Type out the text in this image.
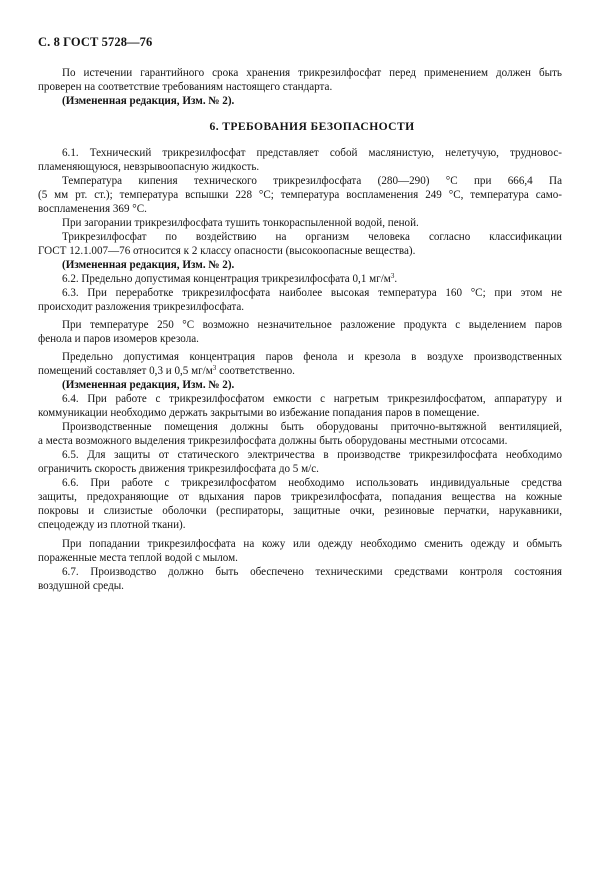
С. 8 ГОСТ 5728—76
По истечении гарантийного срока хранения трикрезилфосфат перед применением должен быть
проверен на соответствие требованиям настоящего стандарта.
(Измененная редакция, Изм. № 2).
6. ТРЕБОВАНИЯ БЕЗОПАСНОСТИ
6.1. Технический трикрезилфосфат представляет собой маслянистую, нелетучую, трудновос-
пламеняющуюся, невзрывоопасную жидкость.
Температура кипения технического трикрезилфосфата (280—290) °С при 666,4 Па
(5 мм рт. ст.); температура вспышки 228 °С; температура воспламенения 249 °С, температура само-
воспламенения 369 °С.
При загорании трикрезилфосфата тушить тонкораспыленной водой, пеной.
Трикрезилфосфат по воздействию на организм человека согласно классификации
ГОСТ 12.1.007—76 относится к 2 классу опасности (высокоопасные вещества).
(Измененная редакция, Изм. № 2).
6.2. Предельно допустимая концентрация трикрезилфосфата 0,1 $мг/м^3$.
6.3. При переработке трикрезилфосфата наиболее высокая температура 160 °С; при этом не
происходит разложения трикрезилфосфата.
При температуре 250 °С возможно незначительное разложение продукта с выделением паров
фенола и паров изомеров крезола.
Предельно допустимая концентрация паров фенола и крезола в воздухе производственных
помещений составляет 0,3 и 0,5 $мг/м^3$ соответственно.
(Измененная редакция, Изм. № 2).
6.4. При работе с трикрезилфосфатом емкости с нагретым трикрезилфосфатом, аппаратуру и
коммуникации необходимо держать закрытыми во избежание попадания паров в помещение.
Производственные помещения должны быть оборудованы приточно-вытяжной вентиляцией,
а места возможного выделения трикрезилфосфата должны быть оборудованы местными отсосами.
6.5. Для защиты от статического электричества в производстве трикрезилфосфата необходимо
ограничить скорость движения трикрезилфосфата до 5 м/с.
6.6. При работе с трикрезилфосфатом необходимо использовать индивидуальные средства
защиты, предохраняющие от вдыхания паров трикрезилфосфата, попадания вещества на кожные
покровы и слизистые оболочки (респираторы, защитные очки, резиновые перчатки, нарукавники,
спецодежду из плотной ткани).
При попадании трикрезилфосфата на кожу или одежду необходимо сменить одежду и обмыть
пораженные места теплой водой с мылом.
6.7. Производство должно быть обеспечено техническими средствами контроля состояния
воздушной среды.
